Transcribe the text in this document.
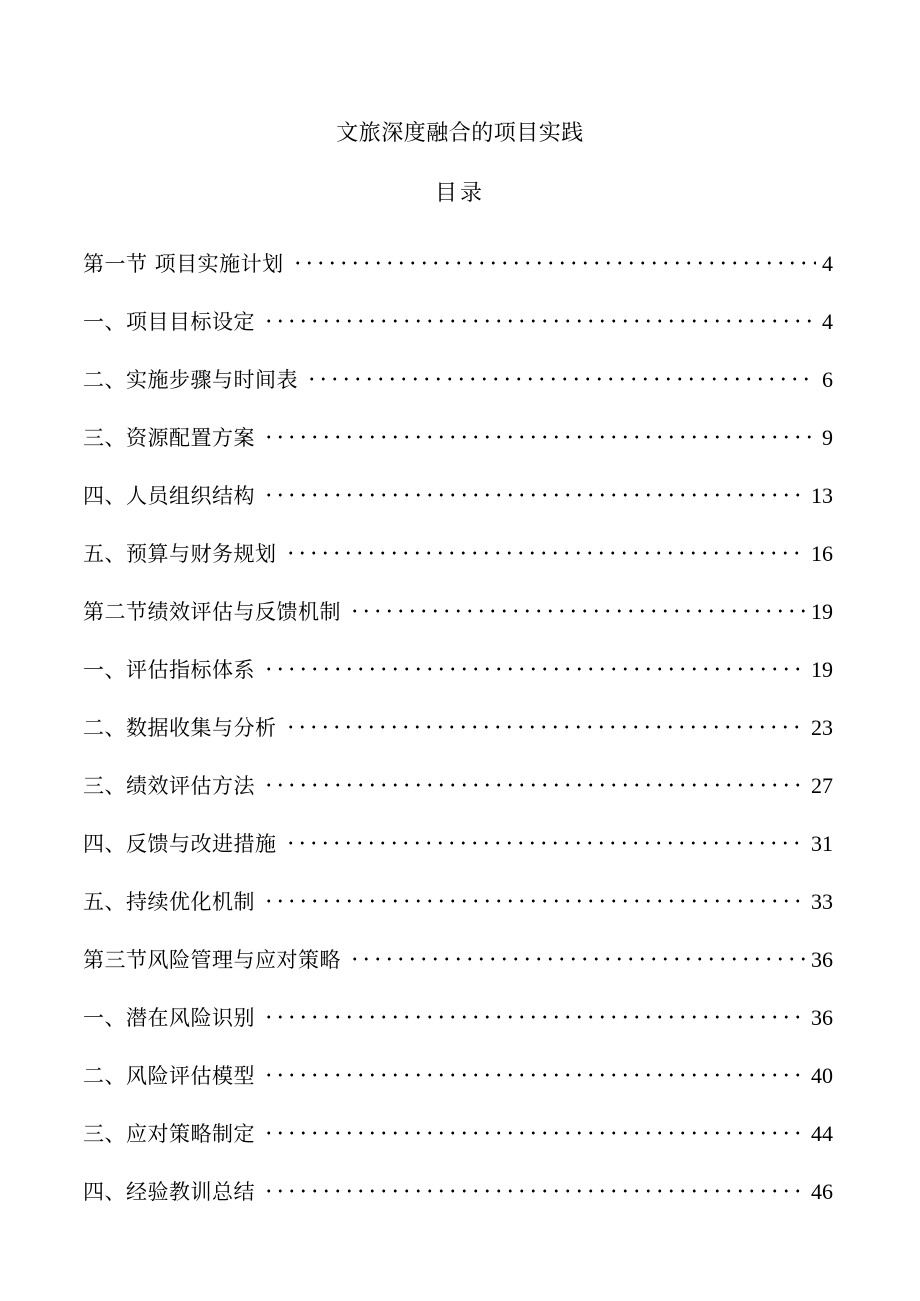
文旅深度融合的项目实践
目录
第一节 项目实施计划	4
一、项目目标设定	4
二、实施步骤与时间表	6
三、资源配置方案	9
四、人员组织结构	13
五、预算与财务规划	16
第二节绩效评估与反馈机制	19
一、评估指标体系	19
二、数据收集与分析	23
三、绩效评估方法	27
四、反馈与改进措施	31
五、持续优化机制	33
第三节风险管理与应对策略	36
一、潜在风险识别	36
二、风险评估模型	40
三、应对策略制定	44
四、经验教训总结	46
